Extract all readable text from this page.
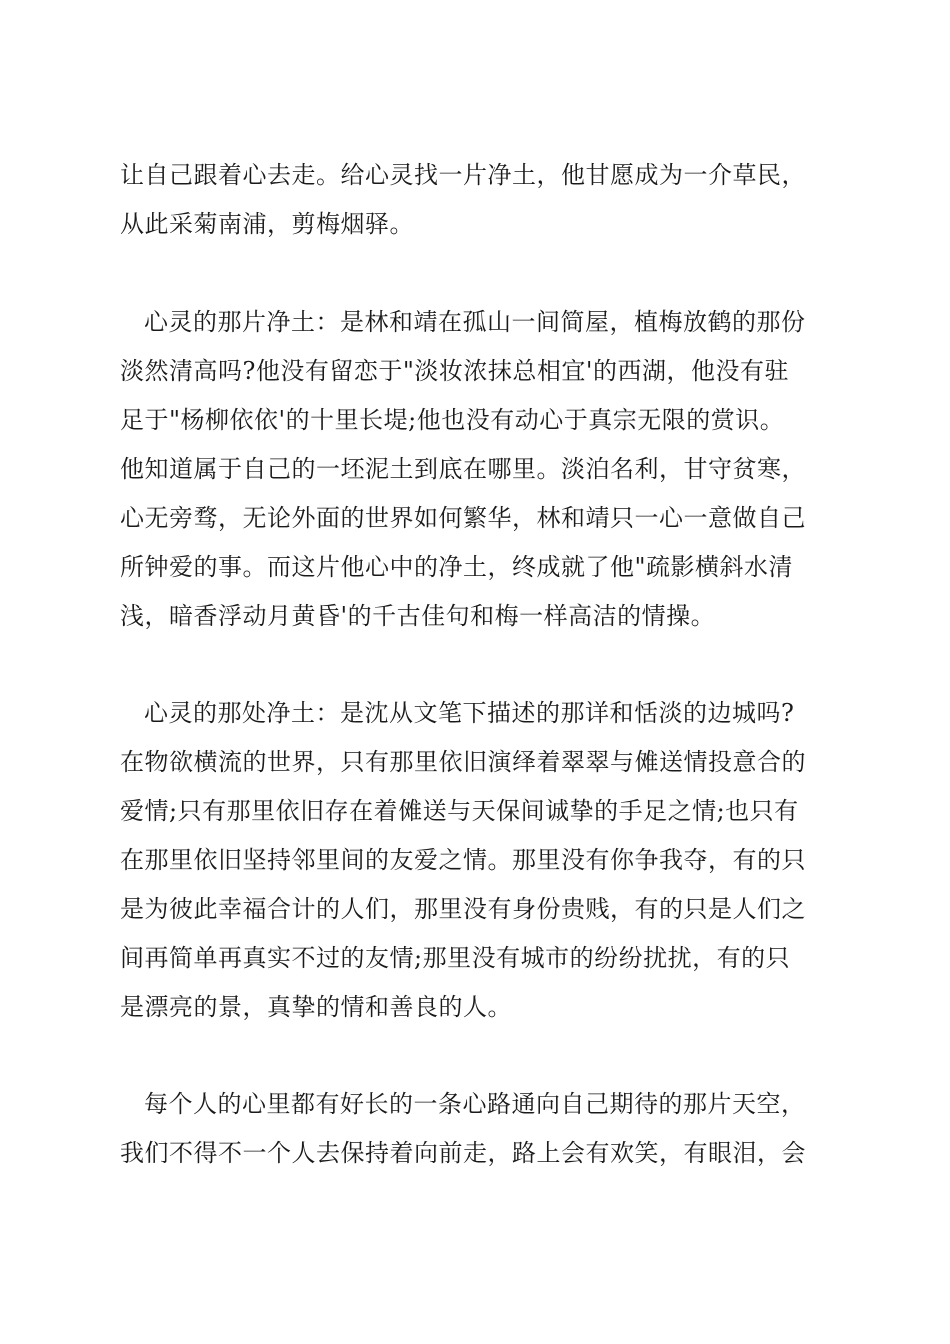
让自己跟着心去走。给心灵找一片净土，他甘愿成为一介草民，
从此采菊南浦，剪梅烟驿。
心灵的那片净土：是林和靖在孤山一间简屋，植梅放鹤的那份
淡然清高吗?他没有留恋于"淡妆浓抹总相宜'的西湖，他没有驻
足于"杨柳依依'的十里长堤;他也没有动心于真宗无限的赏识。
他知道属于自己的一坯泥土到底在哪里。淡泊名利，甘守贫寒，
心无旁骛，无论外面的世界如何繁华，林和靖只一心一意做自己
所钟爱的事。而这片他心中的净土，终成就了他"疏影横斜水清
浅，暗香浮动月黄昏'的千古佳句和梅一样高洁的情操。
心灵的那处净土：是沈从文笔下描述的那详和恬淡的边城吗?
在物欲横流的世界，只有那里依旧演绎着翠翠与傩送情投意合的
爱情;只有那里依旧存在着傩送与天保间诚挚的手足之情;也只有
在那里依旧坚持邻里间的友爱之情。那里没有你争我夺，有的只
是为彼此幸福合计的人们，那里没有身份贵贱，有的只是人们之
间再简单再真实不过的友情;那里没有城市的纷纷扰扰，有的只
是漂亮的景，真挚的情和善良的人。
每个人的心里都有好长的一条心路通向自己期待的那片天空，
我们不得不一个人去保持着向前走，路上会有欢笑，有眼泪，会
